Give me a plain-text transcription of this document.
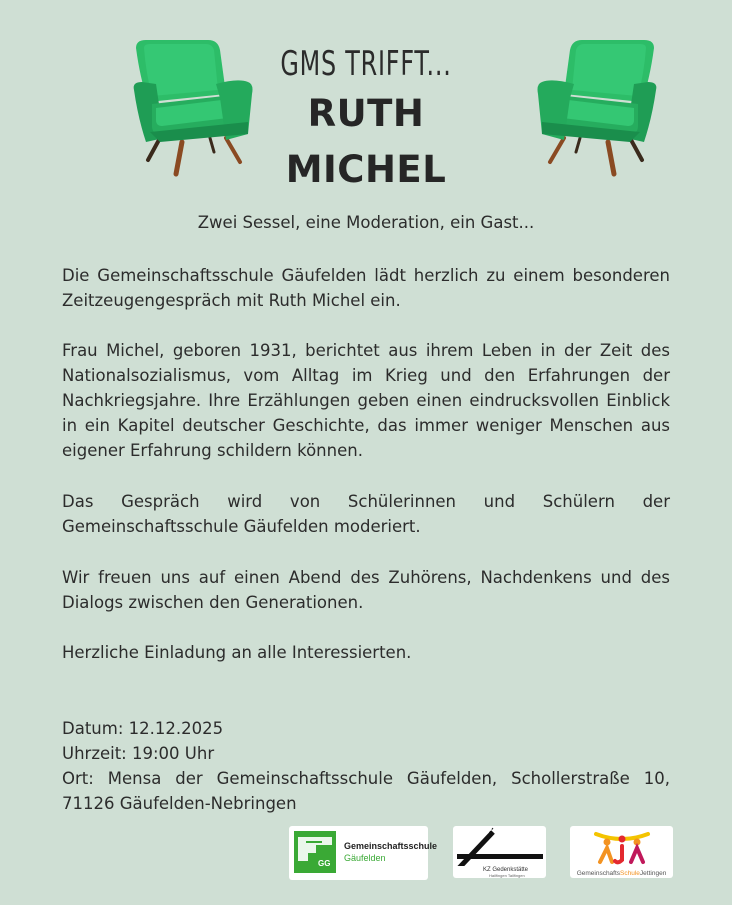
GMS TRIFFT...
RUTH
MICHEL
Zwei Sessel, eine Moderation, ein Gast...

Die Gemeinschaftsschule Gäufelden lädt herzlich zu einem besonderen Zeitzeugengespräch mit Ruth Michel ein.

Frau Michel, geboren 1931, berichtet aus ihrem Leben in der Zeit des Nationalsozialismus, vom Alltag im Krieg und den Erfahrungen der Nachkriegsjahre. Ihre Erzählungen geben einen eindrucksvollen Einblick in ein Kapitel deutscher Geschichte, das immer weniger Menschen aus eigener Erfahrung schildern können.

Das Gespräch wird von Schülerinnen und Schülern der Gemeinschaftsschule Gäufelden moderiert.

Wir freuen uns auf einen Abend des Zuhörens, Nachdenkens und des Dialogs zwischen den Generationen.

Herzliche Einladung an alle Interessierten.

Datum: 12.12.2025
Uhrzeit: 19:00 Uhr
Ort: Mensa der Gemeinschaftsschule Gäufelden, Schollerstraße 10, 71126 Gäufelden-Nebringen
GG
Gemeinschaftsschule
Gäufelden
KZ Gedenkstätte
Hailfingen Tailfingen	GemeinschaftsSchuleJettingen
